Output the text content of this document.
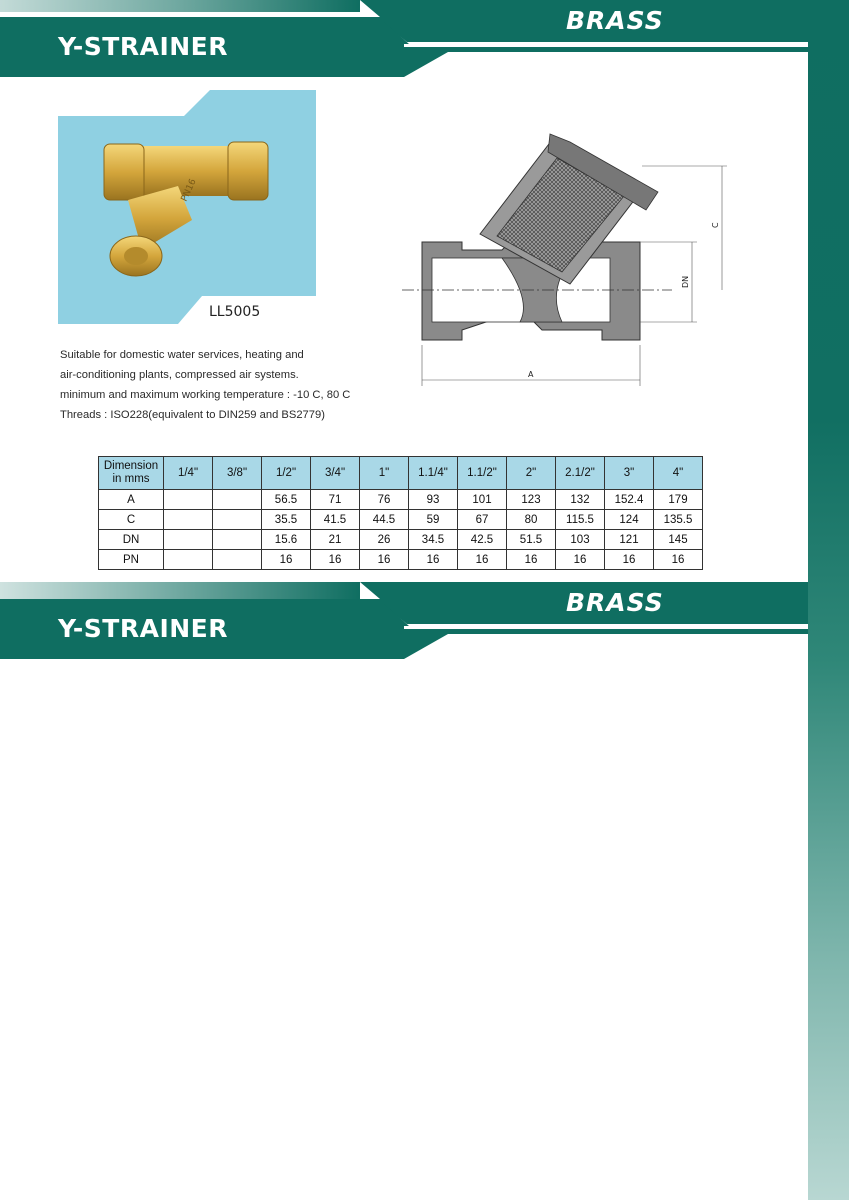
Y-STRAINER
BRASS
PN16
LL5005
Suitable for domestic water services, heating and
air-conditioning plants, compressed air systems.
minimum and maximum working temperature : -10 C, 80 C
Threads : ISO228(equivalent to DIN259 and BS2779)
C
DN
A
Dimension
in mms	1/4"	3/8"	1/2"	3/4"	1"	1.1/4"	1.1/2"	2"	2.1/2"	3"	4"
A			56.5	71	76	93	101	123	132	152.4	179
C			35.5	41.5	44.5	59	67	80	115.5	124	135.5
DN			15.6	21	26	34.5	42.5	51.5	103	121	145
PN			16	16	16	16	16	16	16	16	16
Y-STRAINER
BRASS
